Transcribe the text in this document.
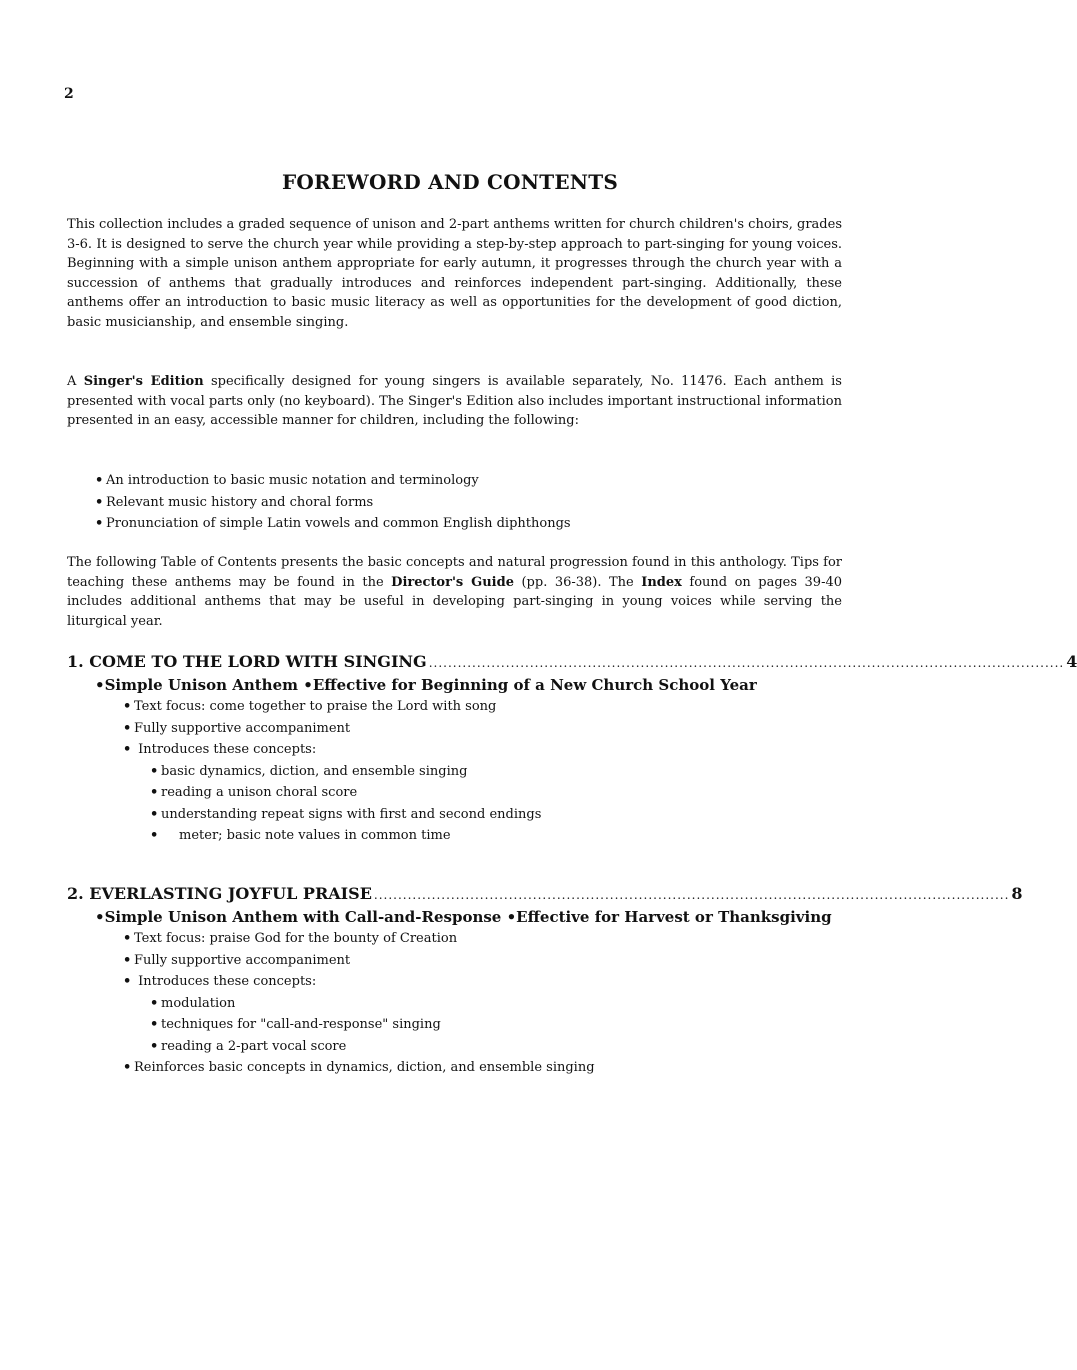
2
FOREWORD AND CONTENTS

This collection includes a graded sequence of unison and 2-part anthems written for church children's choirs, grades 3-6. It is designed to serve the church year while providing a step-by-step approach to part-singing for young voices. Beginning with a simple unison anthem appropriate for early autumn, it progresses through the church year with a succession of anthems that gradually introduces and reinforces independent part-singing. Additionally, these anthems offer an introduction to basic music literacy as well as opportunities for the development of good diction, basic musicianship, and ensemble singing.

A Singer's Edition specifically designed for young singers is available separately, No. 11476. Each anthem is presented with vocal parts only (no keyboard). The Singer's Edition also includes important instructional information presented in an easy, accessible manner for children, including the following:

• An introduction to basic music notation and terminology
• Relevant music history and choral forms
• Pronunciation of simple Latin vowels and common English diphthongs

The following Table of Contents presents the basic concepts and natural progression found in this anthology. Tips for teaching these anthems may be found in the Director's Guide (pp. 36-38). The Index found on pages 39-40 includes additional anthems that may be useful in developing part-singing in young voices while serving the liturgical year.

1.
COME TO THE LORD WITH SINGING .................................................................................................................................... 4
• Simple Unison Anthem • Effective for Beginning of a New Church School Year
• Text focus: come together to praise the Lord with song
• Fully supportive accompaniment
• Introduces these concepts:
• basic dynamics, diction, and ensemble singing
• reading a unison choral score
• understanding repeat signs with first and second endings
• meter; basic note values in common time
2.
EVERLASTING JOYFUL PRAISE .................................................................................................................................... 8
• Simple Unison Anthem with Call-and-Response • Effective for Harvest or Thanksgiving
• Text focus: praise God for the bounty of Creation
• Fully supportive accompaniment
• Introduces these concepts:
• modulation
• techniques for "call-and-response" singing
• reading a 2-part vocal score
• Reinforces basic concepts in dynamics, diction, and ensemble singing
